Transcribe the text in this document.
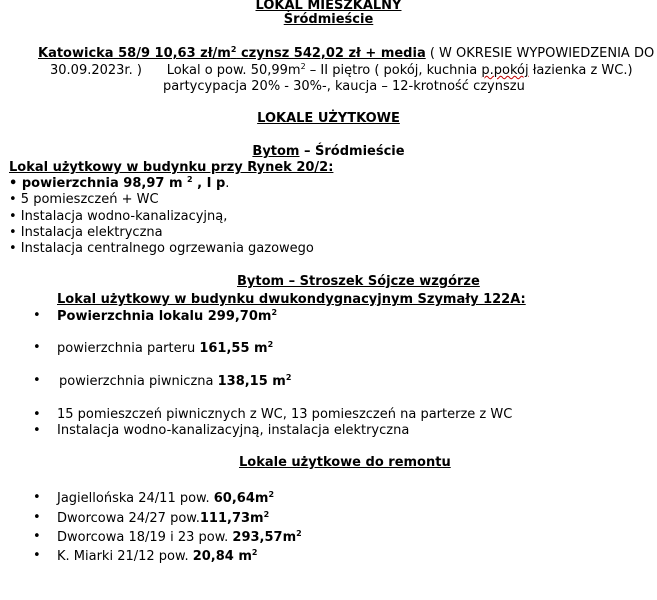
LOKAL MIESZKALNY
Śródmieście
Katowicka 58/9 10,63 $zł/m^2$ czynsz 542,02 zł + media ( W OKRESIE WYPOWIEDZENIA DO
30.09.2023r. ) Lokal o pow. $50,99m^2$ – II piętro ( pokój, kuchnia p.pokój łazienka z WC.)
partycypacja 20% - 30%-, kaucja – 12-krotność czynszu
LOKALE UŻYTKOWE
Bytom – Śródmieście
Lokal użytkowy w budynku przy Rynek 20/2:
• powierzchnia 98,97 m $^2$ , I p.
• 5 pomieszczeń + WC
• Instalacja wodno-kanalizacyjną,
• Instalacja elektryczna
• Instalacja centralnego ogrzewania gazowego
Bytom – Stroszek Sójcze wzgórze
Lokal użytkowy w budynku dwukondygnacyjnym Szymały 122A:
• Powierzchnia lokalu $299,70m^2$
• powierzchnia parteru 161,55 $m^2$
• powierzchnia piwniczna 138,15 $m^2$
• 15 pomieszczeń piwnicznych z WC, 13 pomieszczeń na parterze z WC
• Instalacja wodno-kanalizacyjną, instalacja elektryczna
Lokale użytkowe do remontu
• Jagiellońska 24/11 pow. $60,64m^2$
• Dworcowa 24/27 $pow.111,73m^2$
• Dworcowa 18/19 i 23 pow. $293,57m^2$
• K. Miarki 21/12 pow. 20,84 $m^2$
